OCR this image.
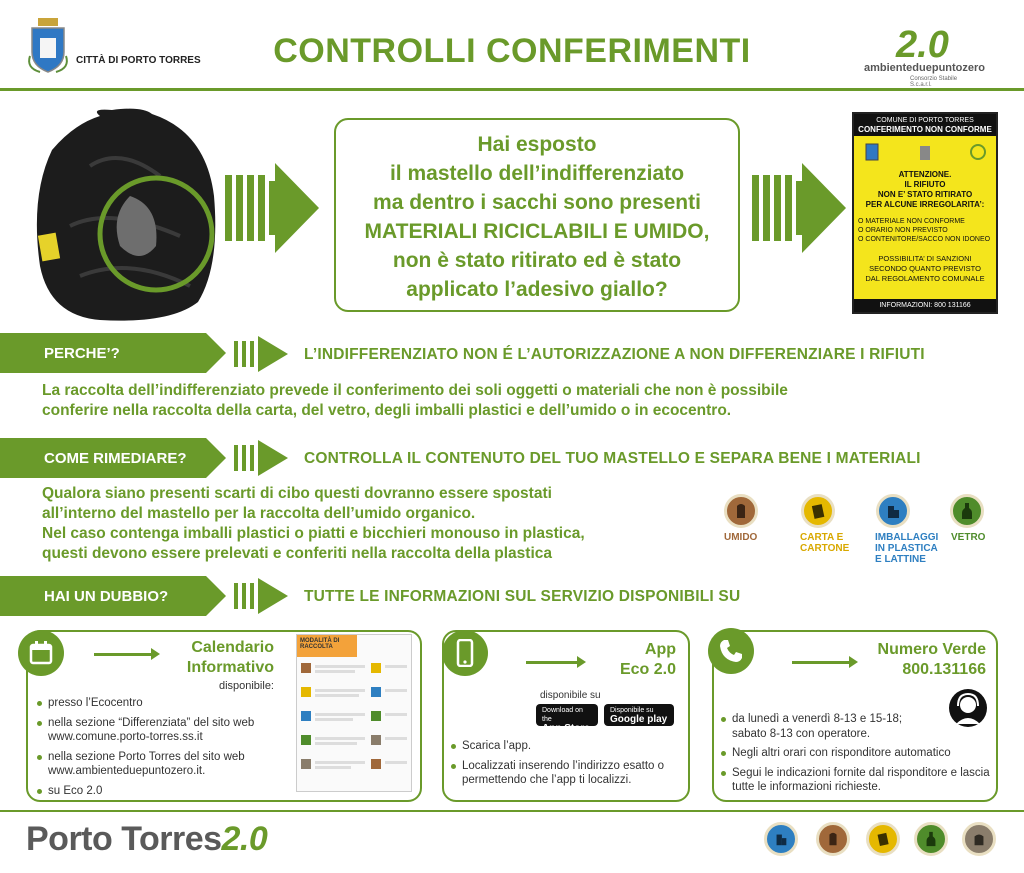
CITTÀ DI PORTO TORRES	CONTROLLI CONFERIMENTI	2.0
ambienteduepuntozero
Consorzio Stabile S.c.a.r.l.
Hai esposto
il mastello dell’indifferenziato
ma dentro i sacchi sono presenti
MATERIALI RICICLABILI E UMIDO,
non è stato ritirato ed è stato
applicato l’adesivo giallo?
COMUNE DI PORTO TORRES
CONFERIMENTO NON CONFORME
ATTENZIONE.
IL RIFIUTO
NON E’ STATO RITIRATO
PER ALCUNE IRREGOLARITA’:
O MATERIALE NON CONFORME
O ORARIO NON PREVISTO
O CONTENITORE/SACCO NON IDONEO
POSSIBILITA’ DI SANZIONI
SECONDO QUANTO PREVISTO
DAL REGOLAMENTO COMUNALE
INFORMAZIONI: 800 131166
PERCHE’?	L’INDIFFERENZIATO NON É L’AUTORIZZAZIONE A NON DIFFERENZIARE I RIFIUTI
La raccolta dell’indifferenziato prevede il conferimento dei soli oggetti o materiali che non è possibile
conferire nella raccolta della carta, del vetro, degli imballi plastici e dell’umido o in ecocentro.
COME RIMEDIARE?	CONTROLLA IL CONTENUTO DEL TUO MASTELLO E SEPARA BENE I MATERIALI
Qualora siano presenti scarti di cibo questi dovranno essere spostati
all’interno del mastello per la raccolta dell’umido organico.
Nel caso contenga imballi plastici o piatti e bicchieri monouso in plastica,
questi devono essere prelevati e conferiti nella raccolta della plastica
UMIDO	CARTA E CARTONE
IMBALLAGGI IN PLASTICA E LATTINE
VETRO
HAI UN DUBBIO?	TUTTE LE INFORMAZIONI SUL SERVIZIO DISPONIBILI SU
Calendario
Informativo
disponibile:
presso l’Ecocentro
nella sezione “Differenziata” del sito web www.comune.porto-torres.ss.it
nella sezione Porto Torres del sito web www.ambienteduepuntozero.it.
su Eco 2.0
MODALITÀ DI RACCOLTA	App
Eco 2.0
disponibile su
Download on the
App Store
Disponibile su
Google play
Scarica l’app.
Localizzati inserendo l’indirizzo esatto o permettendo che l’app ti localizzi.
Numero Verde
800.131166
da lunedì a venerdì 8-13 e 15-18; sabato 8-13 con operatore.
Negli altri orari con risponditore automatico
Segui le indicazioni fornite dal risponditore e lascia tutte le informazioni richieste.
Porto Torres2.0
